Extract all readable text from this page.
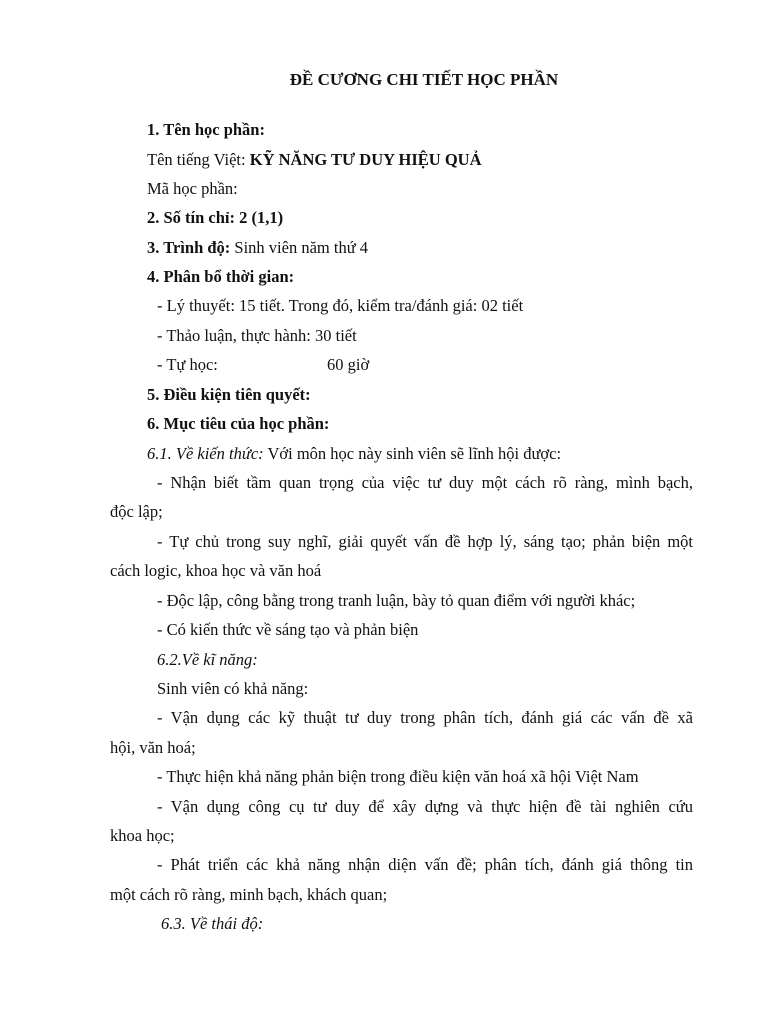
ĐỀ CƯƠNG CHI TIẾT HỌC PHẦN
1. Tên học phần:
Tên tiếng Việt: KỸ NĂNG TƯ DUY HIỆU QUẢ
Mã học phần:
2. Số tín chỉ: 2 (1,1)
3. Trình độ: Sinh viên năm thứ 4
4. Phân bổ thời gian:
- Lý thuyết: 15 tiết. Trong đó, kiểm tra/đánh giá: 02 tiết
- Thảo luận, thực hành: 30 tiết
- Tự học:	60 giờ
5. Điều kiện tiên quyết:
6. Mục tiêu của học phần:
6.1. Về kiến thức: Với môn học này sinh viên sẽ lĩnh hội được:
- Nhận biết tầm quan trọng của việc tư duy một cách rõ ràng, mình bạch,
độc lập;
- Tự chủ trong suy nghĩ, giải quyết vấn đề hợp lý, sáng tạo; phản biện một
cách logic, khoa học và văn hoá
- Độc lập, công bằng trong tranh luận, bày tỏ quan điểm với người khác;
- Có kiến thức về sáng tạo và phản biện
6.2.Về kĩ năng:
Sinh viên có khả năng:
- Vận dụng các kỹ thuật tư duy trong phân tích, đánh giá các vấn đề xã
hội, văn hoá;
- Thực hiện khả năng phản biện trong điều kiện văn hoá xã hội Việt Nam
- Vận dụng công cụ tư duy để xây dựng và thực hiện đề tài nghiên cứu
khoa học;
- Phát triển các khả năng nhận diện vấn đề; phân tích, đánh giá thông tin
một cách rõ ràng, minh bạch, khách quan;
6.3. Về thái độ:
